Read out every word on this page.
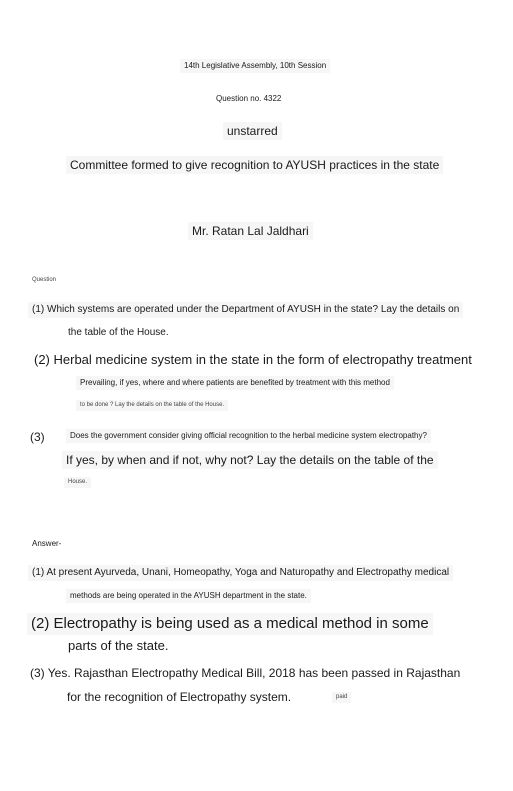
14th Legislative Assembly, 10th Session
Question no. 4322
unstarred
Committee formed to give recognition to AYUSH practices in the state
Mr. Ratan Lal Jaldhari
Question
(1) Which systems are operated under the Department of AYUSH in the state? Lay the details on
the table of the House.
(2) Herbal medicine system in the state in the form of electropathy treatment
Prevailing, if yes, where and where patients are benefited by treatment with this method
to be done ? Lay the details on the table of the House.
(3)	Does the government consider giving official recognition to the herbal medicine system electropathy?
If yes, by when and if not, why not? Lay the details on the table of the
House.
Answer-
(1) At present Ayurveda, Unani, Homeopathy, Yoga and Naturopathy and Electropathy medical
methods are being operated in the AYUSH department in the state.
(2) Electropathy is being used as a medical method in some
parts of the state.
(3) Yes. Rajasthan Electropathy Medical Bill, 2018 has been passed in Rajasthan
for the recognition of Electropathy system.	paid
